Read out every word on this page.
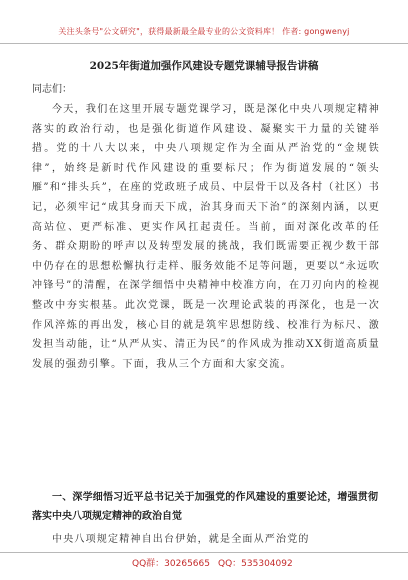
关注头条号"公文研究"，获得最新最全最专业的公文资料库！ 作者: gongwenyj
2025年街道加强作风建设专题党课辅导报告讲稿
同志们：

今天，我们在这里开展专题党课学习，既是深化中央八项规定精神落实的政治行动，也是强化街道作风建设、凝聚实干力量的关键举措。党的十八大以来，中央八项规定作为全面从严治党的“金规铁律”，始终是新时代作风建设的重要标尺；作为街道发展的“领头雁”和“排头兵”，在座的党政班子成员、中层骨干以及各村（社区）书记，必须牢记“成其身而天下成，治其身而天下治”的深刻内涵，以更高站位、更严标准、更实作风扛起责任。当前，面对深化改革的任务、群众期盼的呼声以及转型发展的挑战，我们既需要正视少数干部中仍存在的思想松懈执行走样、服务效能不足等问题，更要以“永远吹冲锋号”的清醒，在深学细悟中央精神中校准方向，在刀刃向内的检视整改中夯实根基。此次党课，既是一次理论武装的再深化，也是一次作风淬炼的再出发，核心目的就是筑牢思想防线、校准行为标尺、激发担当动能，让“从严从实、清正为民”的作风成为推动XX街道高质量发展的强劲引擎。下面，我从三个方面和大家交流。

一、深学细悟习近平总书记关于加强党的作风建设的重要论述，增强贯彻落实中央八项规定精神的政治自觉
中央八项规定精神自出台伊始，就是全面从严治党的
QQ群：30265665 QQ：535304092
